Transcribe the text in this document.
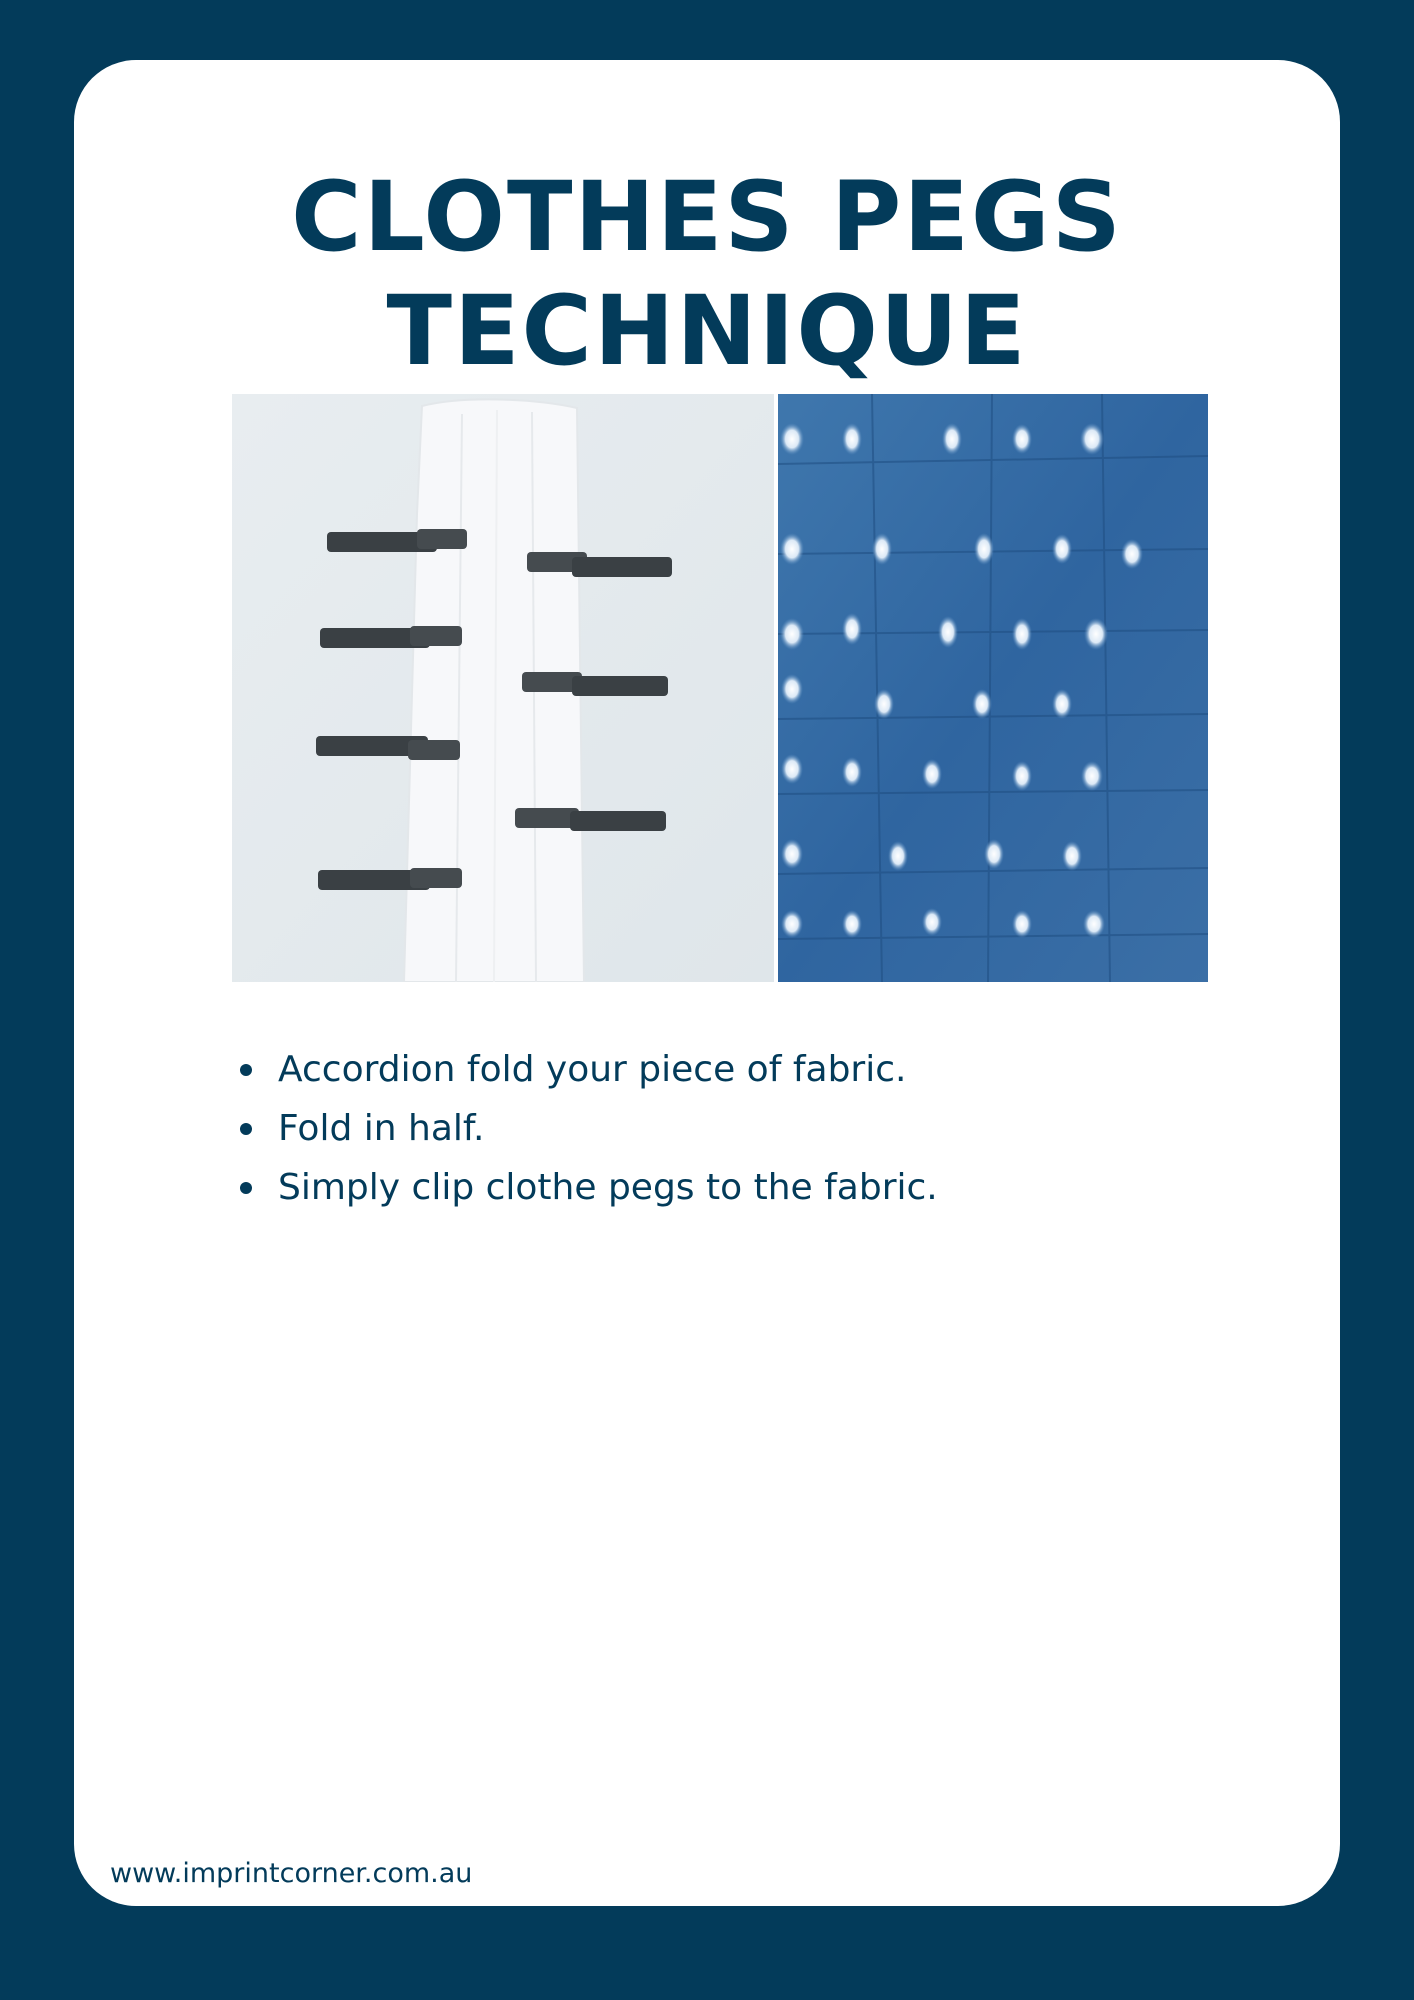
CLOTHES PEGS
TECHNIQUE
Accordion fold your piece of fabric.
Fold in half.
Simply clip clothe pegs to the fabric.
www.imprintcorner.com.au
